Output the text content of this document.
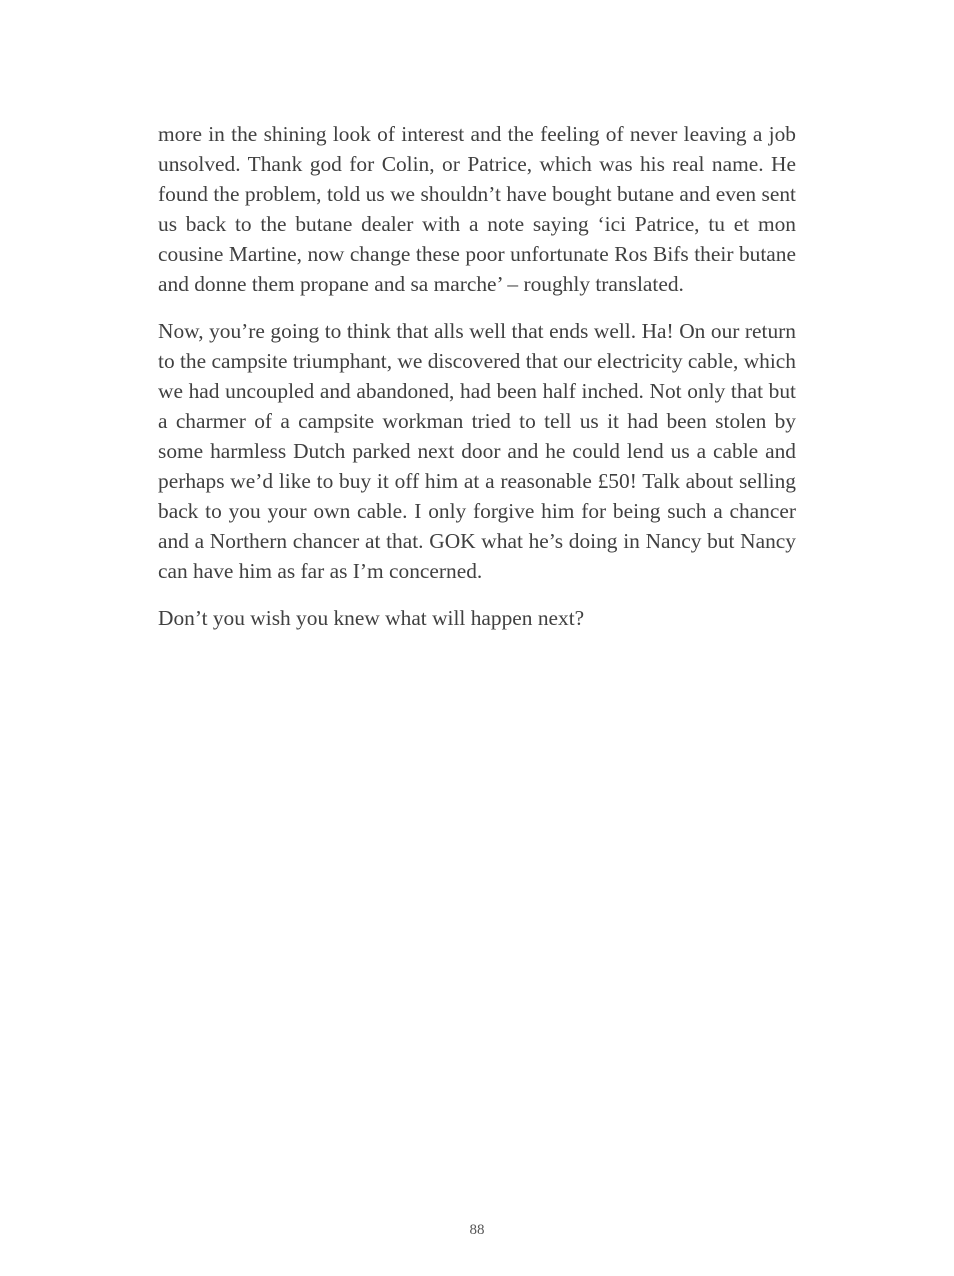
more in the shining look of interest and the feeling of never leaving a job unsolved. Thank god for Colin, or Patrice, which was his real name. He found the problem, told us we shouldn’t have bought butane and even sent us back to the butane dealer with a note saying ‘ici Patrice, tu et mon cousine Martine, now change these poor unfortunate Ros Bifs their butane and donne them propane and sa marche’ – roughly translated.

Now, you’re going to think that alls well that ends well. Ha! On our return to the campsite triumphant, we discovered that our electricity cable, which we had uncoupled and abandoned, had been half inched. Not only that but a charmer of a campsite workman tried to tell us it had been stolen by some harmless Dutch parked next door and he could lend us a cable and perhaps we’d like to buy it off him at a reasonable £50! Talk about selling back to you your own cable. I only forgive him for being such a chancer and a Northern chancer at that. GOK what he’s doing in Nancy but Nancy can have him as far as I’m concerned.

Don’t you wish you knew what will happen next?

88
